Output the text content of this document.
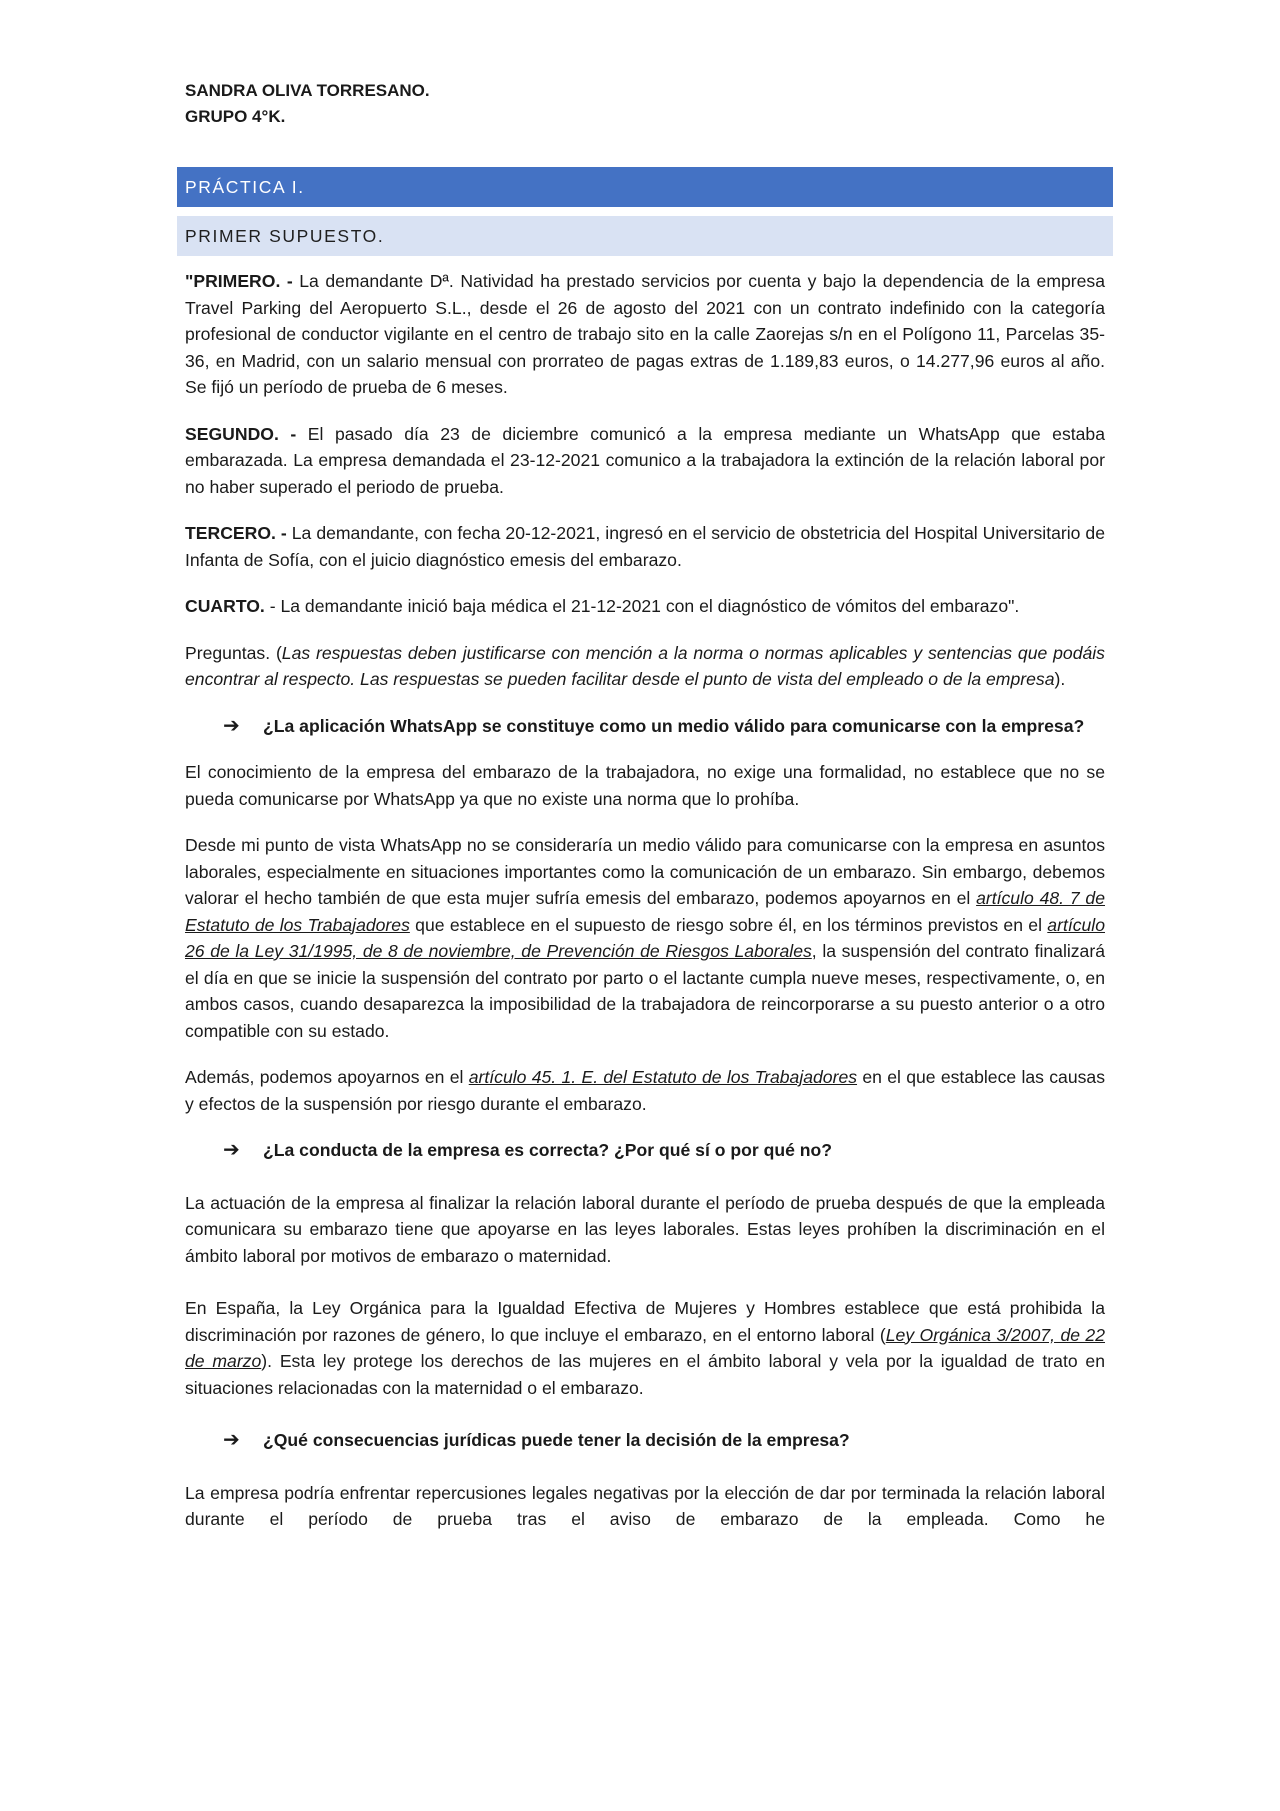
SANDRA OLIVA TORRESANO.
GRUPO 4°K.
PRÁCTICA I.
PRIMER SUPUESTO.

"PRIMERO. - La demandante Dª. Natividad ha prestado servicios por cuenta y bajo la dependencia de la empresa Travel Parking del Aeropuerto S.L., desde el 26 de agosto del 2021 con un contrato indefinido con la categoría profesional de conductor vigilante en el centro de trabajo sito en la calle Zaorejas s/n en el Polígono 11, Parcelas 35- 36, en Madrid, con un salario mensual con prorrateo de pagas extras de 1.189,83 euros, o 14.277,96 euros al año. Se fijó un período de prueba de 6 meses.

SEGUNDO. - El pasado día 23 de diciembre comunicó a la empresa mediante un WhatsApp que estaba embarazada. La empresa demandada el 23-12-2021 comunico a la trabajadora la extinción de la relación laboral por no haber superado el periodo de prueba.

TERCERO. - La demandante, con fecha 20-12-2021, ingresó en el servicio de obstetricia del Hospital Universitario de Infanta de Sofía, con el juicio diagnóstico emesis del embarazo.

CUARTO. - La demandante inició baja médica el 21-12-2021 con el diagnóstico de vómitos del embarazo".

Preguntas. (Las respuestas deben justificarse con mención a la norma o normas aplicables y sentencias que podáis encontrar al respecto. Las respuestas se pueden facilitar desde el punto de vista del empleado o de la empresa).

➔ ¿La aplicación WhatsApp se constituye como un medio válido para comunicarse con la empresa?

El conocimiento de la empresa del embarazo de la trabajadora, no exige una formalidad, no establece que no se pueda comunicarse por WhatsApp ya que no existe una norma que lo prohíba.

Desde mi punto de vista WhatsApp no se consideraría un medio válido para comunicarse con la empresa en asuntos laborales, especialmente en situaciones importantes como la comunicación de un embarazo. Sin embargo, debemos valorar el hecho también de que esta mujer sufría emesis del embarazo, podemos apoyarnos en el artículo 48. 7 de Estatuto de los Trabajadores que establece en el supuesto de riesgo sobre él, en los términos previstos en el artículo 26 de la Ley 31/1995, de 8 de noviembre, de Prevención de Riesgos Laborales, la suspensión del contrato finalizará el día en que se inicie la suspensión del contrato por parto o el lactante cumpla nueve meses, respectivamente, o, en ambos casos, cuando desaparezca la imposibilidad de la trabajadora de reincorporarse a su puesto anterior o a otro compatible con su estado.

Además, podemos apoyarnos en el artículo 45. 1. E. del Estatuto de los Trabajadores en el que establece las causas y efectos de la suspensión por riesgo durante el embarazo.

➔ ¿La conducta de la empresa es correcta? ¿Por qué sí o por qué no?

La actuación de la empresa al finalizar la relación laboral durante el período de prueba después de que la empleada comunicara su embarazo tiene que apoyarse en las leyes laborales. Estas leyes prohíben la discriminación en el ámbito laboral por motivos de embarazo o maternidad.

En España, la Ley Orgánica para la Igualdad Efectiva de Mujeres y Hombres establece que está prohibida la discriminación por razones de género, lo que incluye el embarazo, en el entorno laboral (Ley Orgánica 3/2007, de 22 de marzo). Esta ley protege los derechos de las mujeres en el ámbito laboral y vela por la igualdad de trato en situaciones relacionadas con la maternidad o el embarazo.

➔ ¿Qué consecuencias jurídicas puede tener la decisión de la empresa?

La empresa podría enfrentar repercusiones legales negativas por la elección de dar por terminada la relación laboral durante el período de prueba tras el aviso de embarazo de la empleada. Como he
